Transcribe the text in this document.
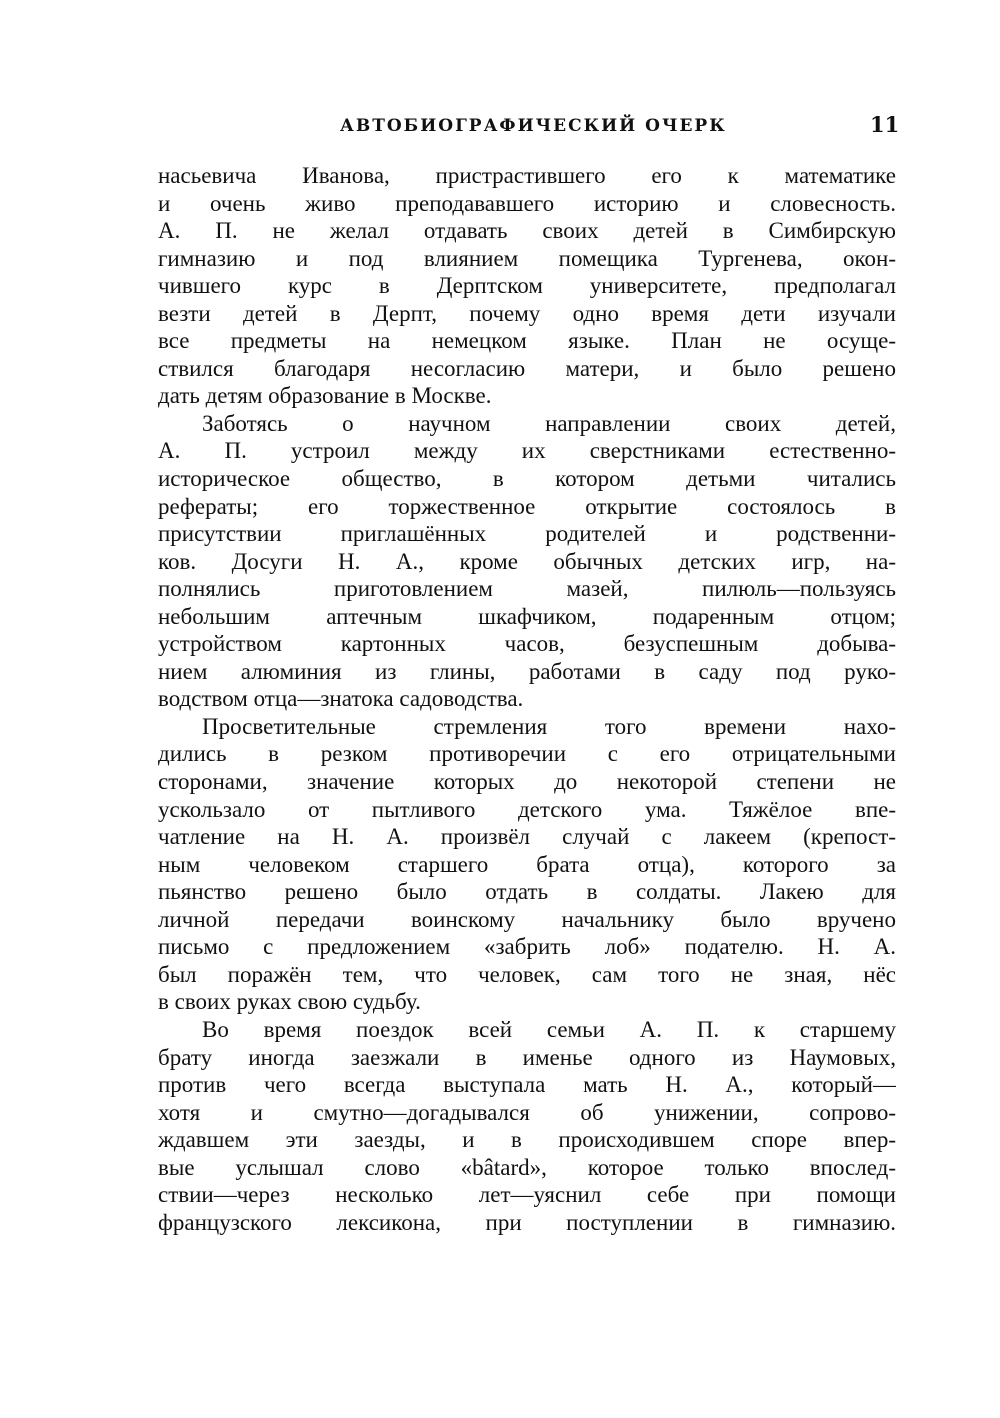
АВТОБИОГРАФИЧЕСКИЙ ОЧЕРК	11
насьевича Иванова, пристрастившего его к математике
и очень живо преподававшего историю и словесность.
А. П. не желал отдавать своих детей в Симбирскую
гимназию и под влиянием помещика Тургенева, окон-
чившего курс в Дерптском университете, предполагал
везти детей в Дерпт, почему одно время дети изучали
все предметы на немецком языке. План не осуще-
ствился благодаря несогласию матери, и было решено
дать детям образование в Москве.
Заботясь о научном направлении своих детей,
А. П. устроил между их сверстниками естественно-
историческое общество, в котором детьми читались
рефераты; его торжественное открытие состоялось в
присутствии приглашённых родителей и родственни-
ков. Досуги Н. А., кроме обычных детских игр, на-
полнялись приготовлением мазей, пилюль—пользуясь
небольшим аптечным шкафчиком, подаренным отцом;
устройством картонных часов, безуспешным добыва-
нием алюминия из глины, работами в саду под руко-
водством отца—знатока садоводства.
Просветительные стремления того времени нахо-
дились в резком противоречии с его отрицательными
сторонами, значение которых до некоторой степени не
ускользало от пытливого детского ума. Тяжёлое впе-
чатление на Н. А. произвёл случай с лакеем (крепост-
ным человеком старшего брата отца), которого за
пьянство решено было отдать в солдаты. Лакею для
личной передачи воинскому начальнику было вручено
письмо с предложением «забрить лоб» подателю. Н. А.
был поражён тем, что человек, сам того не зная, нёс
в своих руках свою судьбу.
Во время поездок всей семьи А. П. к старшему
брату иногда заезжали в именье одного из Наумовых,
против чего всегда выступала мать Н. А., который—
хотя и смутно—догадывался об унижении, сопрово-
ждавшем эти заезды, и в происходившем споре впер-
вые услышал слово «bâtard», которое только впослед-
ствии—через несколько лет—уяснил себе при помощи
французского лексикона, при поступлении в гимназию.
